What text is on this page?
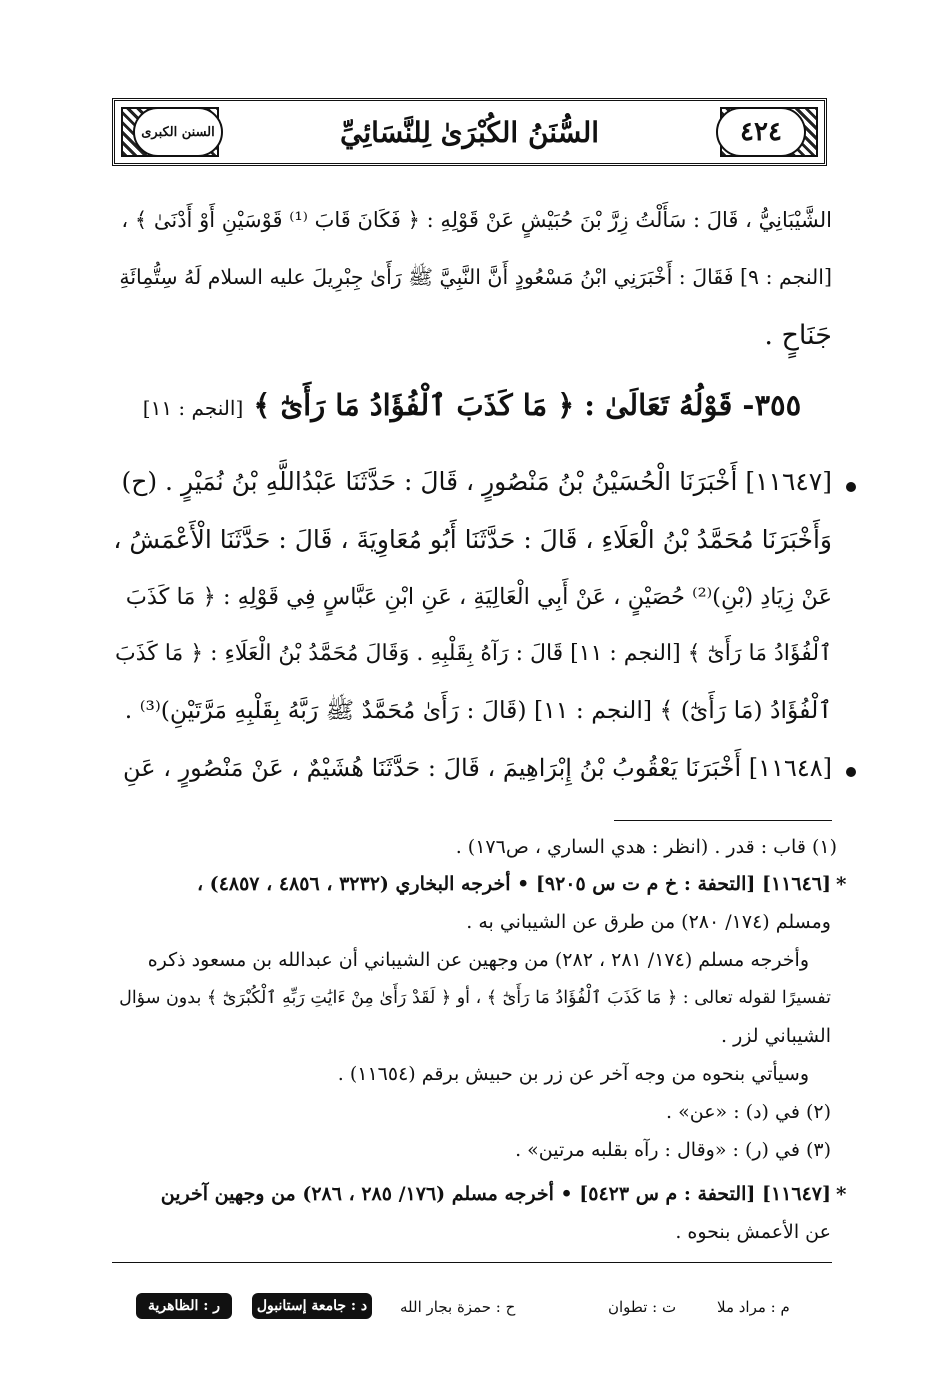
السنن الكبرى	السُّنَنُ الكُبْرَىٰ لِلنَّسَائِيِّ	٤٢٤
الشَّيْبَانِيُّ ، قَالَ : سَأَلْتُ زِرَّ بْنَ حُبَيْشٍ عَنْ قَوْلِهِ : ﴿ فَكَانَ قَابَ ⁽¹⁾ قَوْسَيْنِ أَوْ أَدْنَىٰ ﴾ ،
[النجم : ٩] فَقَالَ : أَخْبَرَنِي ابْنُ مَسْعُودٍ أَنَّ النَّبِيَّ ﷺ رَأَىٰ جِبْرِيلَ عليه السلام لَهُ سِتُّمِائَةِ
جَنَاحٍ .
٣٥٥- قَوْلُهُ تَعَالَىٰ : ﴿ مَا كَذَبَ ٱلْفُؤَادُ مَا رَأَىٰٓ ﴾ [النجم : ١١]
[١١٦٤٧] أَخْبَرَنَا الْحُسَيْنُ بْنُ مَنْصُورٍ ، قَالَ : حَدَّثَنَا عَبْدُاللَّهِ بْنُ نُمَيْرٍ . (ح)
وَأَخْبَرَنَا مُحَمَّدُ بْنُ الْعَلَاءِ ، قَالَ : حَدَّثَنَا أَبُو مُعَاوِيَةَ ، قَالَ : حَدَّثَنَا الْأَعْمَشُ ،
عَنْ زِيَادِ (بْنِ)⁽²⁾ حُصَيْنٍ ، عَنْ أَبِي الْعَالِيَةِ ، عَنِ ابْنِ عَبَّاسٍ فِي قَوْلِهِ : ﴿ مَا كَذَبَ
ٱلْفُؤَادُ مَا رَأَىٰٓ ﴾ [النجم : ١١] قَالَ : رَآهُ بِقَلْبِهِ . وَقَالَ مُحَمَّدُ بْنُ الْعَلَاءِ : ﴿ مَا كَذَبَ
ٱلْفُؤَادُ (مَا رَأَىٰٓ) ﴾ [النجم : ١١] (قَالَ : رَأَىٰ مُحَمَّدٌ ﷺ رَبَّهُ بِقَلْبِهِ مَرَّتَيْنِ)⁽³⁾ .
[١١٦٤٨] أَخْبَرَنَا يَعْقُوبُ بْنُ إِبْرَاهِيمَ ، قَالَ : حَدَّثَنَا هُشَيْمٌ ، عَنْ مَنْصُورٍ ، عَنِ
(١) قاب : قدر . (انظر : هدي الساري ، ص١٧٦) .
*
[١١٦٤٦] [التحفة : خ م ت س ٩٢٠٥] • أخرجه البخاري (٣٢٣٢ ، ٤٨٥٦ ، ٤٨٥٧) ،
ومسلم (١٧٤/ ٢٨٠) من طرق عن الشيباني به .
وأخرجه مسلم (١٧٤/ ٢٨١ ، ٢٨٢) من وجهين عن الشيباني أن عبدالله بن مسعود ذكره
تفسيرًا لقوله تعالى : ﴿ مَا كَذَبَ ٱلْفُؤَادُ مَا رَأَىٰٓ ﴾ ، أو ﴿ لَقَدْ رَأَىٰ مِنْ ءَايَٰتِ رَبِّهِ ٱلْكُبْرَىٰٓ ﴾ بدون سؤال
الشيباني لزر .
وسيأتي بنحوه من وجه آخر عن زر بن حبيش برقم (١١٦٥٤) .
(٢) في (د) : «عن» .
(٣) في (ر) : «وقال : رآه بقلبه مرتين» .
*
[١١٦٤٧] [التحفة : م س ٥٤٢٣] • أخرجه مسلم (١٧٦/ ٢٨٥ ، ٢٨٦) من وجهين آخرين
عن الأعمش بنحوه .
م : مراد ملا
ت : تطوان
ح : حمزة بجار الله
د : جامعة إستانبول
ر : الظاهرية
